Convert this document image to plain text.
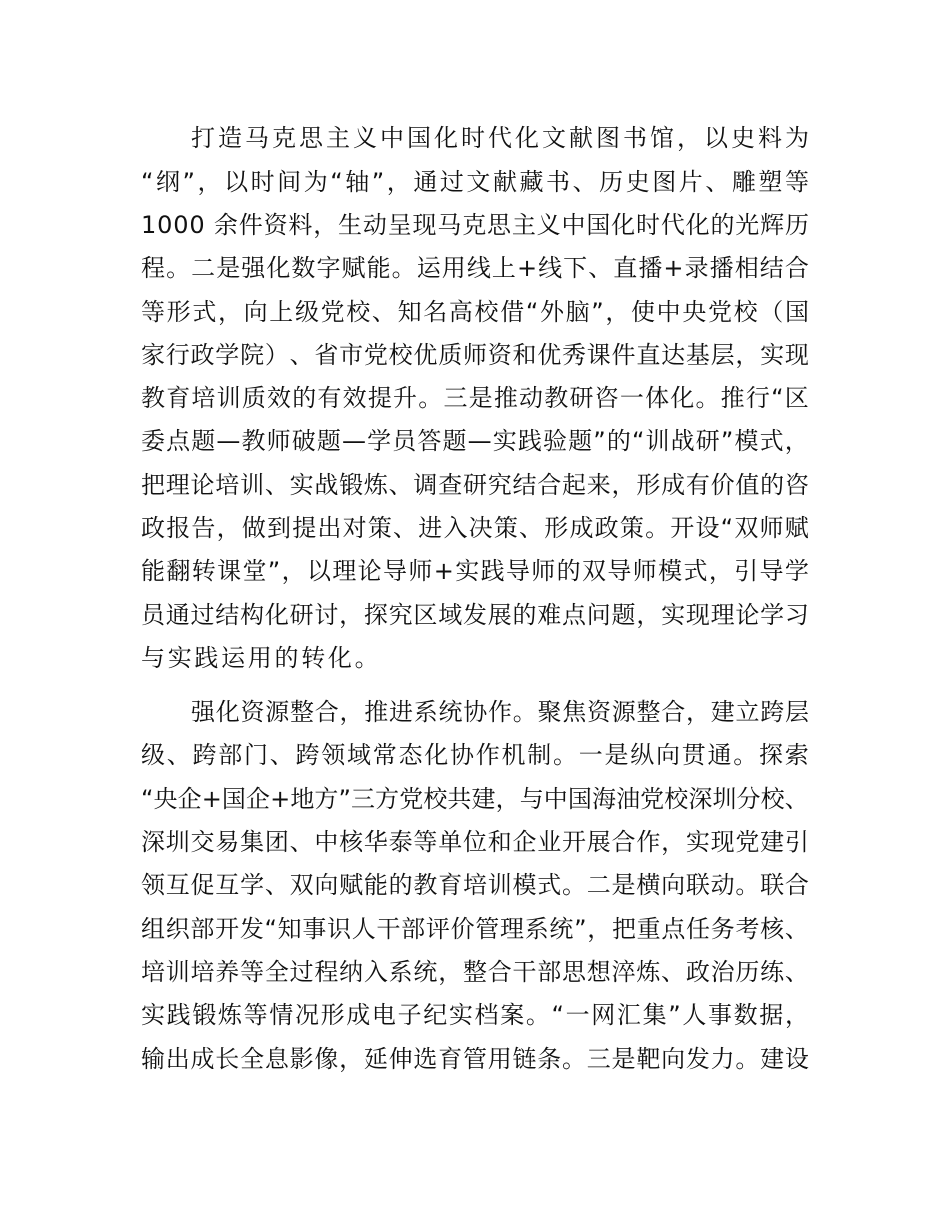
打 造 马 克 思 主 义 中 国 化 时 代 化 文 献 图 书 馆 ， 以 史 料 为
“ 纲 ” ， 以 时 间 为 “ 轴 ” ， 通 过 文 献 藏 书 、 历 史 图 片 、 雕 塑 等
1 0 0 0
余 件 资 料 ， 生 动 呈 现 马 克 思 主 义 中 国 化 时 代 化 的 光 辉 历
程 。 二 是 强 化 数 字 赋 能 。 运 用 线 上 + 线 下 、 直 播 + 录 播 相 结 合
等 形 式 ， 向 上 级 党 校 、 知 名 高 校 借 “ 外 脑 ” ， 使 中 央 党 校 （ 国
家 行 政 学 院 ） 、 省 市 党 校 优 质 师 资 和 优 秀 课 件 直 达 基 层 ， 实 现
教 育 培 训 质 效 的 有 效 提 升 。 三 是 推 动 教 研 咨 一 体 化 。 推 行 “ 区
委 点 题 — 教 师 破 题 — 学 员 答 题 — 实 践 验 题 ” 的 “ 训 战 研 ” 模 式 ，
把 理 论 培 训 、 实 战 锻 炼 、 调 查 研 究 结 合 起 来 ， 形 成 有 价 值 的 咨
政 报 告 ， 做 到 提 出 对 策 、 进 入 决 策 、 形 成 政 策 。 开 设 “ 双 师 赋
能 翻 转 课 堂 ” ， 以 理 论 导 师 + 实 践 导 师 的 双 导 师 模 式 ， 引 导 学
员 通 过 结 构 化 研 讨 ， 探 究 区 域 发 展 的 难 点 问 题 ， 实 现 理 论 学 习
与实践运用的转化。
强 化 资 源 整 合 ， 推 进 系 统 协 作 。 聚 焦 资 源 整 合 ， 建 立 跨 层
级 、 跨 部 门 、 跨 领 域 常 态 化 协 作 机 制 。 一 是 纵 向 贯 通 。 探 索
“ 央 企 + 国 企 + 地 方 ” 三 方 党 校 共 建 ， 与 中 国 海 油 党 校 深 圳 分 校 、
深 圳 交 易 集 团 、 中 核 华 泰 等 单 位 和 企 业 开 展 合 作 ， 实 现 党 建 引
领 互 促 互 学 、 双 向 赋 能 的 教 育 培 训 模 式 。 二 是 横 向 联 动 。 联 合
组 织 部 开 发 “ 知 事 识 人 干 部 评 价 管 理 系 统 ” ， 把 重 点 任 务 考 核 、
培 训 培 养 等 全 过 程 纳 入 系 统 ， 整 合 干 部 思 想 淬 炼 、 政 治 历 练 、
实 践 锻 炼 等 情 况 形 成 电 子 纪 实 档 案 。 “ 一 网 汇 集 ” 人 事 数 据 ，
输 出 成 长 全 息 影 像 ， 延 伸 选 育 管 用 链 条 。 三 是 靶 向 发 力 。 建 设
